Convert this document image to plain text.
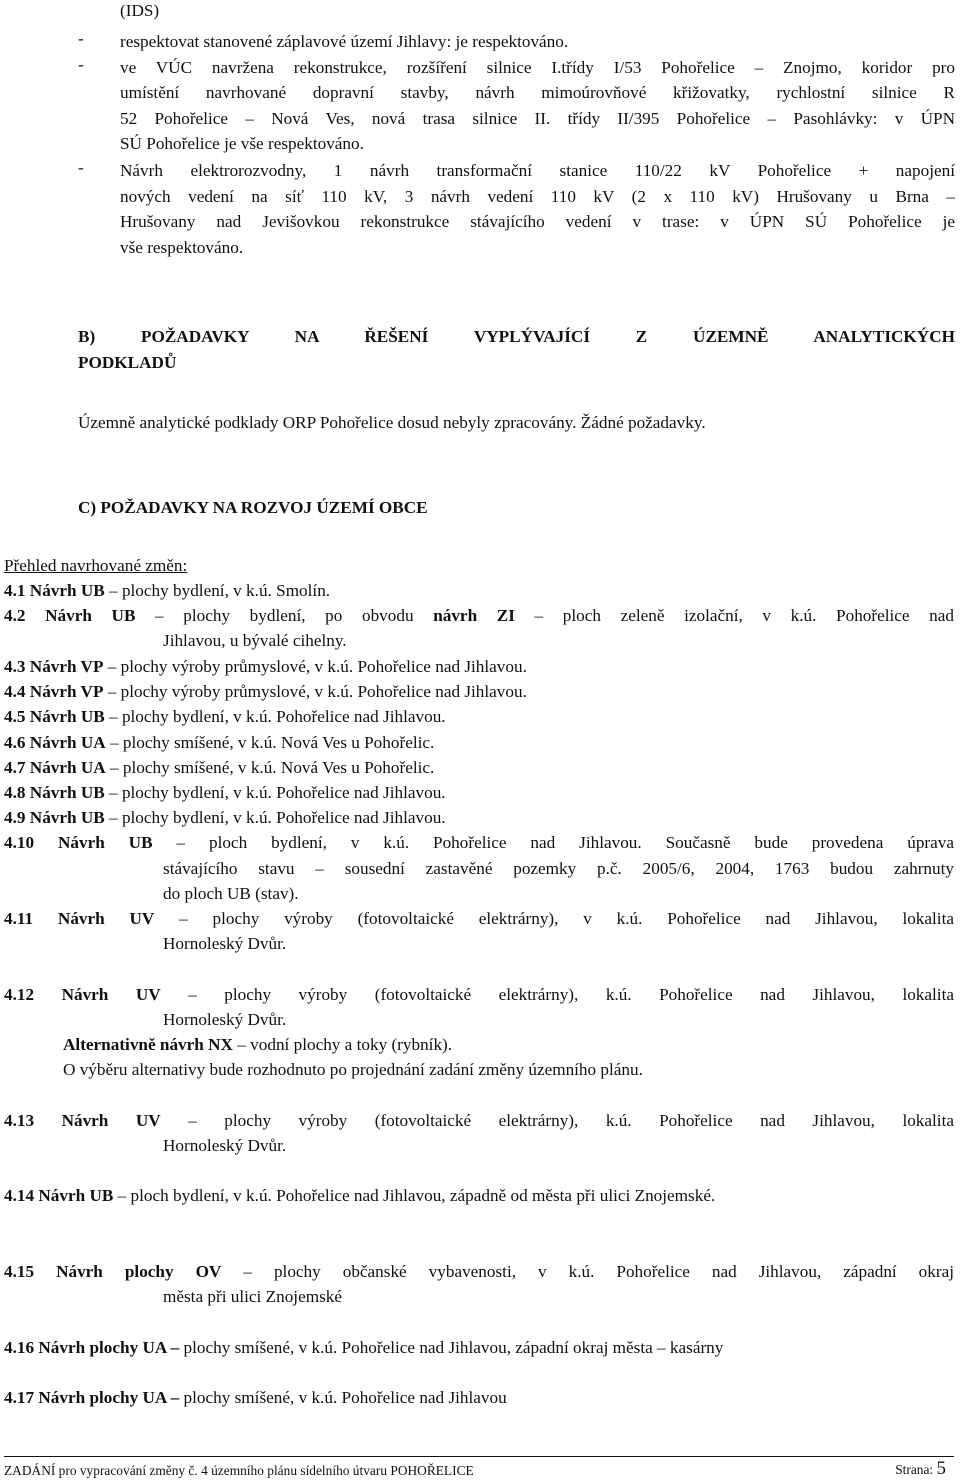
(IDS)
- respektovat stanovené záplavové území Jihlavy: je respektováno.
- ve VÚC navržena rekonstrukce, rozšíření silnice I.třídy I/53 Pohořelice – Znojmo, koridor pro
umístění navrhované dopravní stavby, návrh mimoúrovňové křižovatky, rychlostní silnice R
52 Pohořelice – Nová Ves, nová trasa silnice II. třídy II/395 Pohořelice – Pasohlávky: v ÚPN
SÚ Pohořelice je vše respektováno.
- Návrh elektrorozvodny, 1 návrh transformační stanice 110/22 kV Pohořelice + napojení
nových vedení na síť 110 kV, 3 návrh vedení 110 kV (2 x 110 kV) Hrušovany u Brna –
Hrušovany nad Jevišovkou rekonstrukce stávajícího vedení v trase: v ÚPN SÚ Pohořelice je
vše respektováno.
B) POŽADAVKY NA ŘEŠENÍ VYPLÝVAJÍCÍ Z ÚZEMNĚ ANALYTICKÝCH
PODKLADŮ
Územně analytické podklady ORP Pohořelice dosud nebyly zpracovány. Žádné požadavky.
C) POŽADAVKY NA ROZVOJ ÚZEMÍ OBCE
Přehled navrhované změn:
4.1 Návrh UB – plochy bydlení, v k.ú. Smolín.
4.2 Návrh UB – plochy bydlení, po obvodu návrh ZI – ploch zeleně izolační, v k.ú. Pohořelice nad
Jihlavou, u bývalé cihelny.
4.3 Návrh VP – plochy výroby průmyslové, v k.ú. Pohořelice nad Jihlavou.
4.4 Návrh VP – plochy výroby průmyslové, v k.ú. Pohořelice nad Jihlavou.
4.5 Návrh UB – plochy bydlení, v k.ú. Pohořelice nad Jihlavou.
4.6 Návrh UA – plochy smíšené, v k.ú. Nová Ves u Pohořelic.
4.7 Návrh UA – plochy smíšené, v k.ú. Nová Ves u Pohořelic.
4.8 Návrh UB – plochy bydlení, v k.ú. Pohořelice nad Jihlavou.
4.9 Návrh UB – plochy bydlení, v k.ú. Pohořelice nad Jihlavou.
4.10 Návrh UB – ploch bydlení, v k.ú. Pohořelice nad Jihlavou. Současně bude provedena úprava
stávajícího stavu – sousední zastavěné pozemky p.č. 2005/6, 2004, 1763 budou zahrnuty
do ploch UB (stav).
4.11 Návrh UV – plochy výroby (fotovoltaické elektrárny), v k.ú. Pohořelice nad Jihlavou, lokalita
Hornoleský Dvůr.
4.12 Návrh UV – plochy výroby (fotovoltaické elektrárny), k.ú. Pohořelice nad Jihlavou, lokalita
Hornoleský Dvůr.
Alternativně návrh NX – vodní plochy a toky (rybník).
O výběru alternativy bude rozhodnuto po projednání zadání změny územního plánu.
4.13 Návrh UV – plochy výroby (fotovoltaické elektrárny), k.ú. Pohořelice nad Jihlavou, lokalita
Hornoleský Dvůr.
4.14 Návrh UB – ploch bydlení, v k.ú. Pohořelice nad Jihlavou, západně od města při ulici Znojemské.
4.15 Návrh plochy OV – plochy občanské vybavenosti, v k.ú. Pohořelice nad Jihlavou, západní okraj
města při ulici Znojemské
4.16 Návrh plochy UA – plochy smíšené, v k.ú. Pohořelice nad Jihlavou, západní okraj města – kasárny
4.17 Návrh plochy UA – plochy smíšené, v k.ú. Pohořelice nad Jihlavou
ZADÁNÍ pro vypracování změny č. 4 územního plánu sídelního útvaru POHOŘELICE	Strana: 5
